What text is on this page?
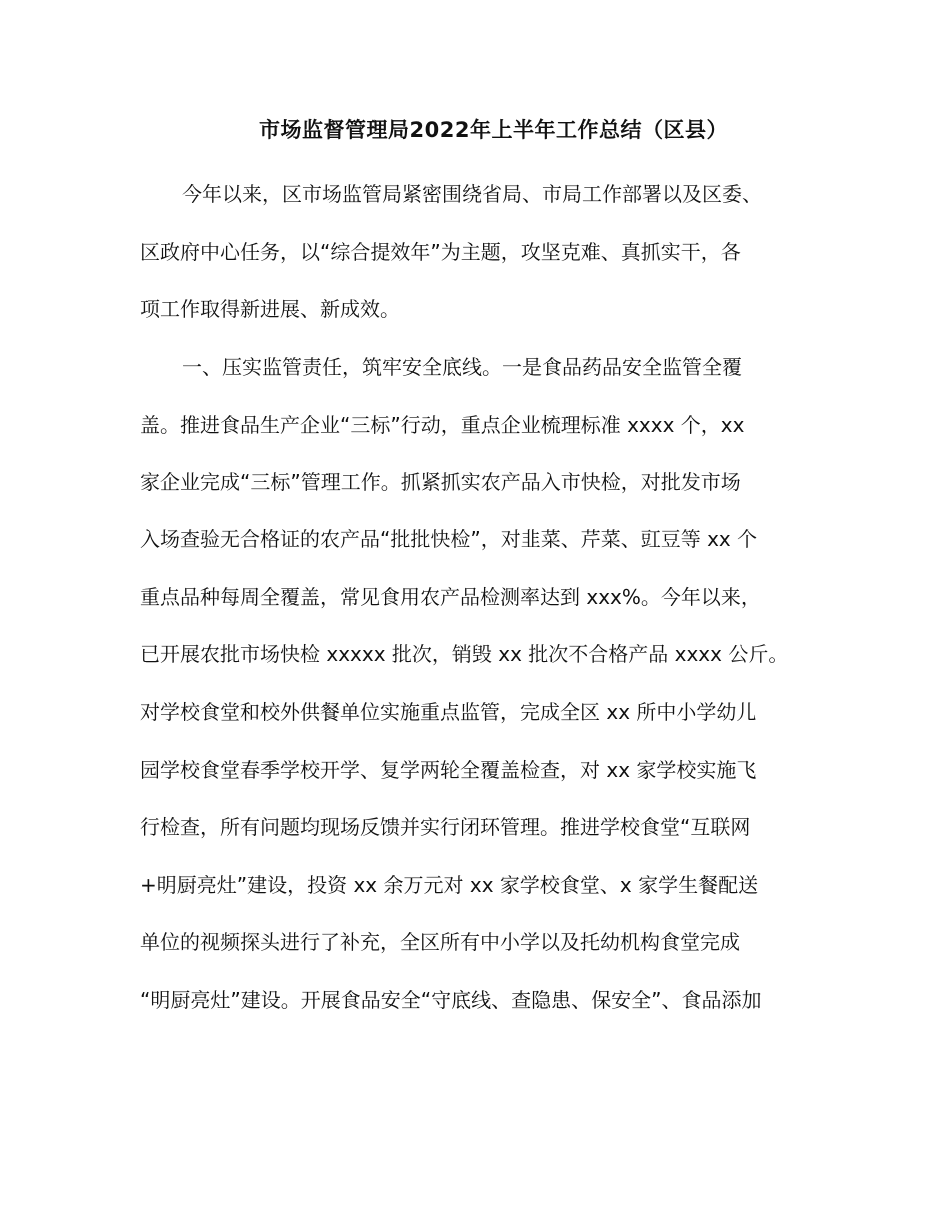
市场监督管理局2022年上半年工作总结（区县）
今年以来，区市场监管局紧密围绕省局、市局工作部署以及区委、
区政府中心任务，以“综合提效年”为主题，攻坚克难、真抓实干，各
项工作取得新进展、新成效。
一、压实监管责任，筑牢安全底线。一是食品药品安全监管全覆
盖。推进食品生产企业“三标”行动，重点企业梳理标准 xxxx 个，xx
家企业完成“三标”管理工作。抓紧抓实农产品入市快检，对批发市场
入场查验无合格证的农产品“批批快检”，对韭菜、芹菜、豇豆等 xx 个
重点品种每周全覆盖，常见食用农产品检测率达到 xxx%。今年以来，
已开展农批市场快检 xxxxx 批次，销毁 xx 批次不合格产品 xxxx 公斤。
对学校食堂和校外供餐单位实施重点监管，完成全区 xx 所中小学幼儿
园学校食堂春季学校开学、复学两轮全覆盖检查，对 xx 家学校实施飞
行检查，所有问题均现场反馈并实行闭环管理。推进学校食堂“互联网
+明厨亮灶”建设，投资 xx 余万元对 xx 家学校食堂、x 家学生餐配送
单位的视频探头进行了补充，全区所有中小学以及托幼机构食堂完成
“明厨亮灶”建设。开展食品安全“守底线、查隐患、保安全”、食品添加
